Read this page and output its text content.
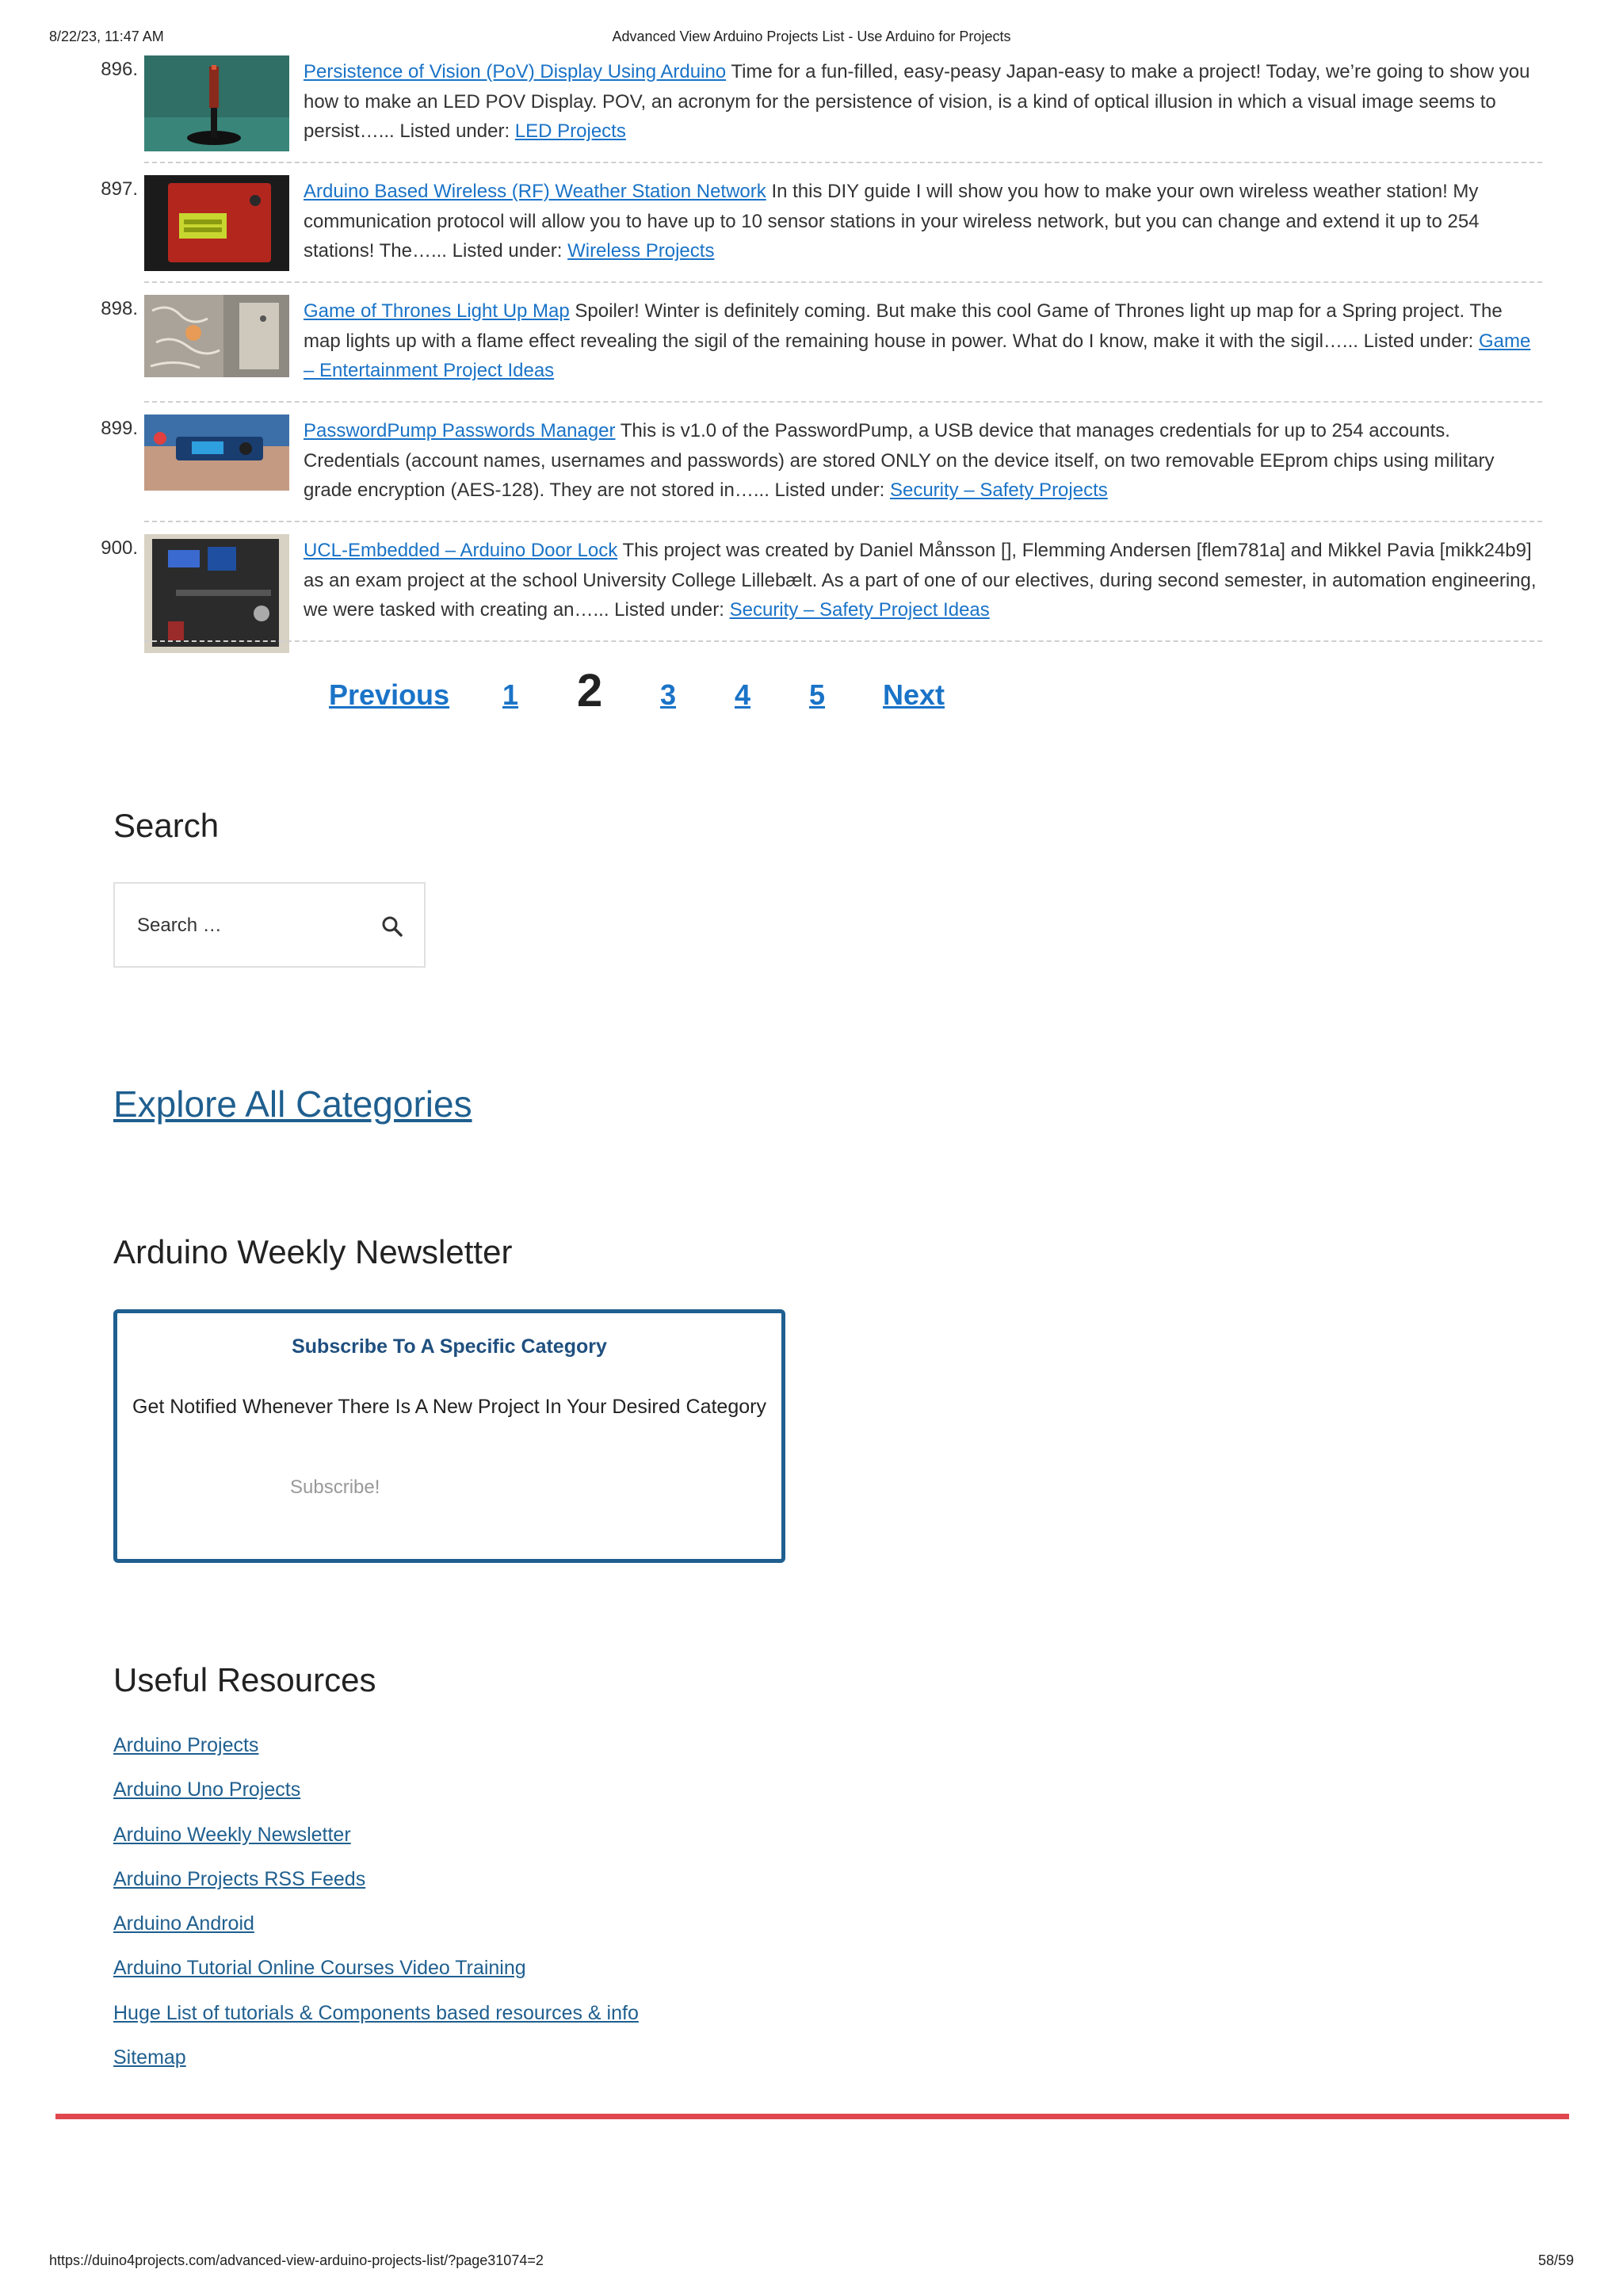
8/22/23, 11:47 AM	Advanced View Arduino Projects List - Use Arduino for Projects
896.	Persistence of Vision (PoV) Display Using Arduino Time for a fun-filled, easy-peasy Japan-easy to make a project! Today, we’re going to show you how to make an LED POV Display. POV, an acronym for the persistence of vision, is a kind of optical illusion in which a visual image seems to persist…... Listed under: LED Projects
897.	Arduino Based Wireless (RF) Weather Station Network In this DIY guide I will show you how to make your own wireless weather station! My communication protocol will allow you to have up to 10 sensor stations in your wireless network, but you can change and extend it up to 254 stations! The…... Listed under: Wireless Projects
898.	Game of Thrones Light Up Map Spoiler! Winter is definitely coming. But make this cool Game of Thrones light up map for a Spring project. The map lights up with a flame effect revealing the sigil of the remaining house in power. What do I know, make it with the sigil…... Listed under: Game – Entertainment Project Ideas
899.	PasswordPump Passwords Manager This is v1.0 of the PasswordPump, a USB device that manages credentials for up to 254 accounts. Credentials (account names, usernames and passwords) are stored ONLY on the device itself, on two removable EEprom chips using military grade encryption (AES-128). They are not stored in…... Listed under: Security – Safety Projects
900.	UCL-Embedded – Arduino Door Lock This project was created by Daniel Månsson [], Flemming Andersen [flem781a] and Mikkel Pavia [mikk24b9] as an exam project at the school University College Lillebælt. As a part of one of our electives, during second semester, in automation engineering, we were tasked with creating an…... Listed under: Security – Safety Project Ideas
Previous 1 2 3 4 5 Next
Search
Search …
Explore All Categories
Arduino Weekly Newsletter
Subscribe To A Specific Category
Get Notified Whenever There Is A New Project In Your Desired Category
Subscribe!
Useful Resources
Arduino Projects
Arduino Uno Projects
Arduino Weekly Newsletter
Arduino Projects RSS Feeds
Arduino Android
Arduino Tutorial Online Courses Video Training
Huge List of tutorials & Components based resources & info
Sitemap
https://duino4projects.com/advanced-view-arduino-projects-list/?page31074=2	58/59
